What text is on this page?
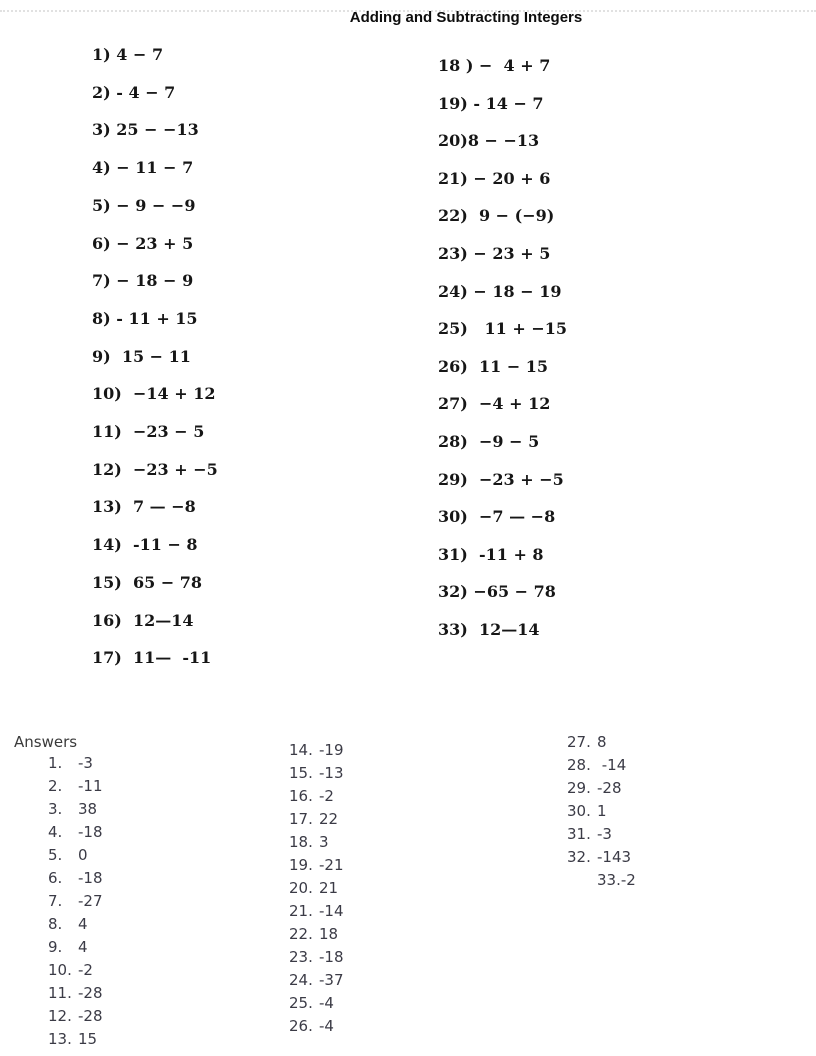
Adding and Subtracting Integers
1) 4 − 7
2) - 4 − 7
3) 25 − −13
4) − 11 − 7
5) − 9 − −9
6) − 23 + 5
7) − 18 − 9
8) - 11 + 15
9)  15 − 11
10)  −14 + 12
11)  −23 − 5
12)  −23 + −5
13)  7 — −8
14)  -11 − 8
15)  65 − 78
16)  12—14
17)  11—  -11
18 ) −  4 + 7
19) - 14 − 7
20)8 − −13
21) − 20 + 6
22)  9 − (−9)
23) − 23 + 5
24) − 18 − 19
25)   11 + −15
26)  11 − 15
27)  −4 + 12
28)  −9 − 5
29)  −23 + −5
30)  −7 — −8
31)  -11 + 8
32) −65 − 78
33)  12—14
Answers
1. -3
2. -11
3. 38
4. -18
5. 0
6. -18
7. -27
8. 4
9. 4
10. -2
11. -28
12. -28
13. 15
14. -19
15. -13
16. -2
17. 22
18. 3
19. -21
20. 21
21. -14
22. 18
23. -18
24. -37
25. -4
26. -4
27. 8
28. -14
29. -28
30. 1
31. -3
32. -143
33.-2
